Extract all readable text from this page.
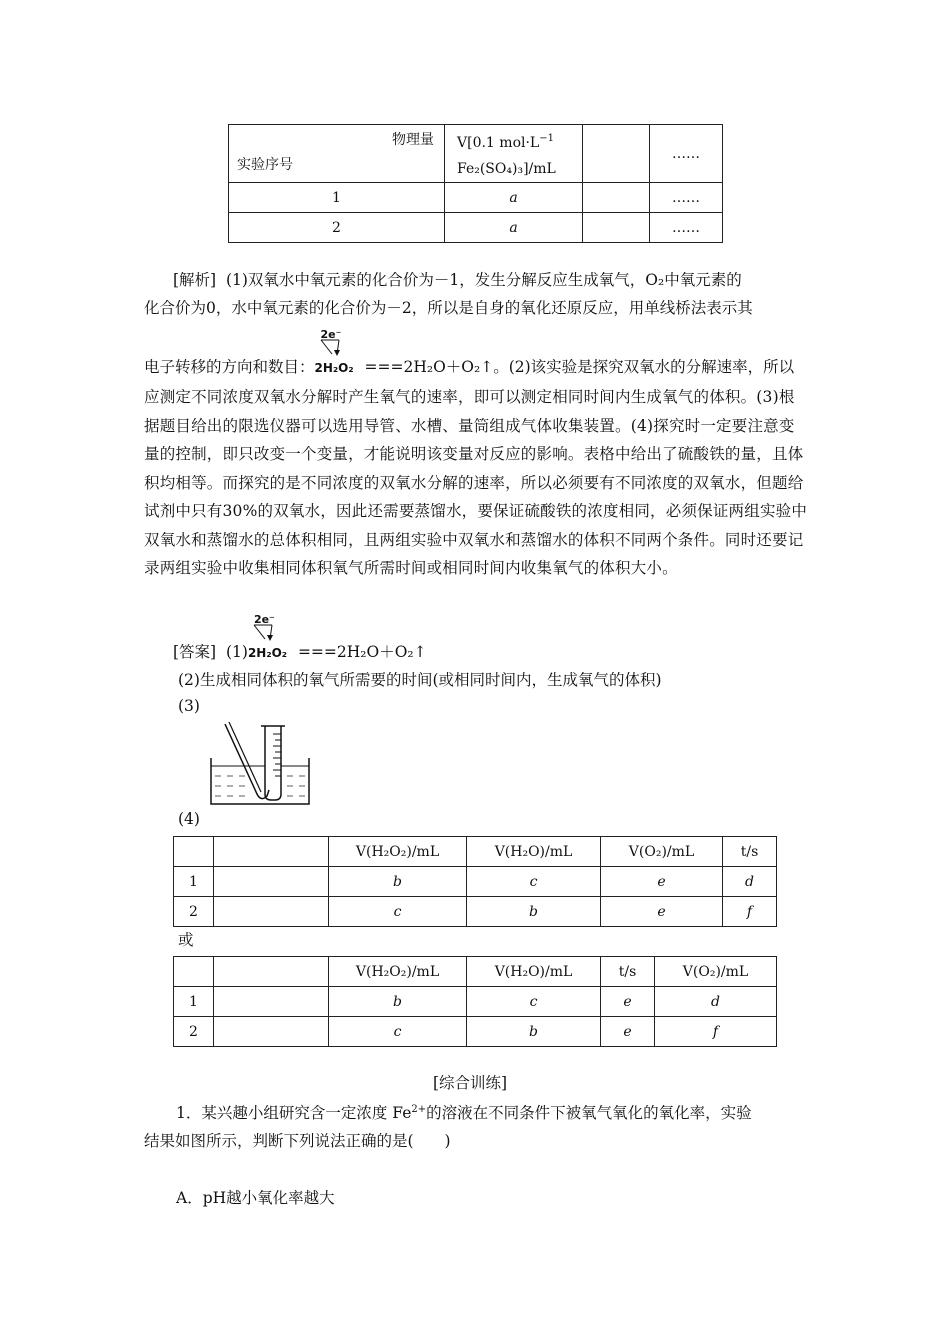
物理量
实验序号	V[0.1 $mol\cdot L^{-1}$
Fe₂(SO₄)₃]/mL		……
1	a		……
2	a		……
[解析] (1)双氧水中氧元素的化合价为－1，发生分解反应生成氧气，O₂中氧元素的
化合价为0，水中氧元素的化合价为－2，所以是自身的氧化还原反应，用单线桥法表示其
电子转移的方向和数目：
2e⁻
2H₂O₂ ===2H₂O＋O₂↑。(2)该实验是探究双氧水的分解速率，所以
应测定不同浓度双氧水分解时产生氧气的速率，即可以测定相同时间内生成氧气的体积。(3)根据题目给出的限选仪器可以选用导管、水槽、量筒组成气体收集装置。(4)探究时一定要注意变量的控制，即只改变一个变量，才能说明该变量对反应的影响。表格中给出了硫酸铁的量，且体积均相等。而探究的是不同浓度的双氧水分解的速率，所以必须要有不同浓度的双氧水，但题给试剂中只有30%的双氧水，因此还需要蒸馏水，要保证硫酸铁的浓度相同，必须保证两组实验中双氧水和蒸馏水的总体积相同，且两组实验中双氧水和蒸馏水的体积不同两个条件。同时还要记录两组实验中收集相同体积氧气所需时间或相同时间内收集氧气的体积大小。
[答案] (1)
2e⁻
2H₂O₂ ===2H₂O＋O₂↑
(2)生成相同体积的氧气所需要的时间(或相同时间内，生成氧气的体积)
(3)
(4)
		V(H₂O₂)/mL	V(H₂O)/mL	V(O₂)/mL	t/s
1		b	c	e	d
2		c	b	e	f
或
		V(H₂O₂)/mL	V(H₂O)/mL	t/s	V(O₂)/mL
1		b	c	e	d
2		c	b	e	f
[综合训练]
1．某兴趣小组研究含一定浓度 $Fe^{2+}$的溶液在不同条件下被氧气氧化的氧化率，实验
结果如图所示，判断下列说法正确的是(　　)
A．pH越小氧化率越大
